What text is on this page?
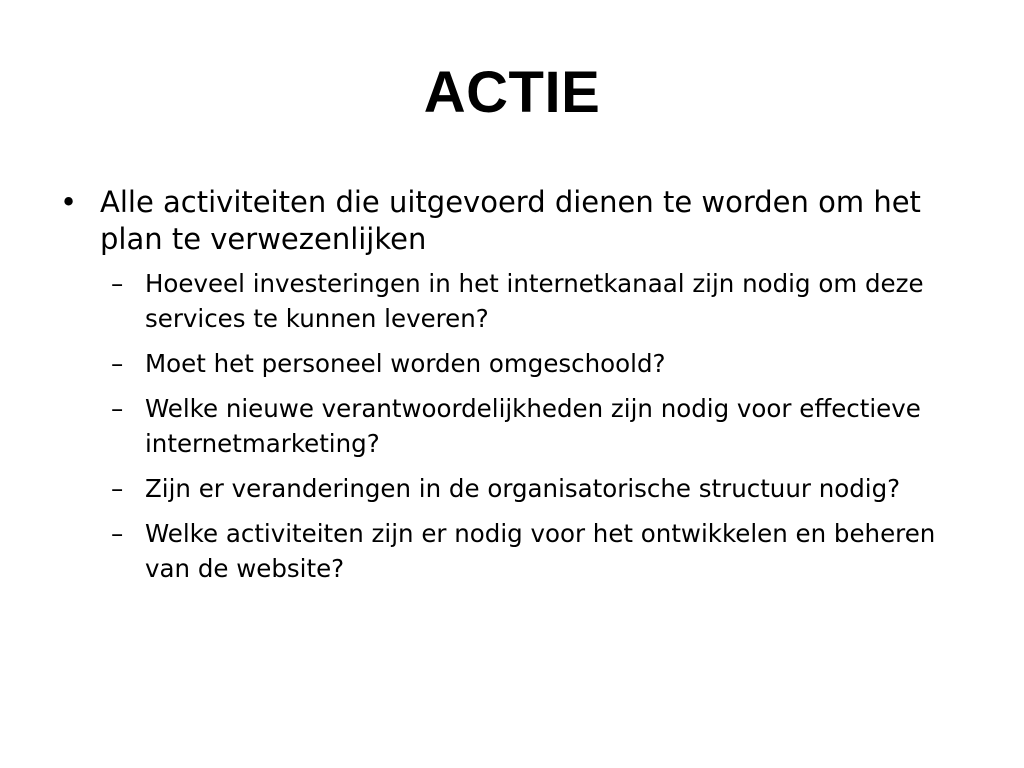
ACTIE
• Alle activiteiten die uitgevoerd dienen te worden om het plan te verwezenlijken
– Hoeveel investeringen in het internetkanaal zijn nodig om deze services te kunnen leveren?
– Moet het personeel worden omgeschoold?
– Welke nieuwe verantwoordelijkheden zijn nodig voor effectieve internetmarketing?
– Zijn er veranderingen in de organisatorische structuur nodig?
– Welke activiteiten zijn er nodig voor het ontwikkelen en beheren van de website?
